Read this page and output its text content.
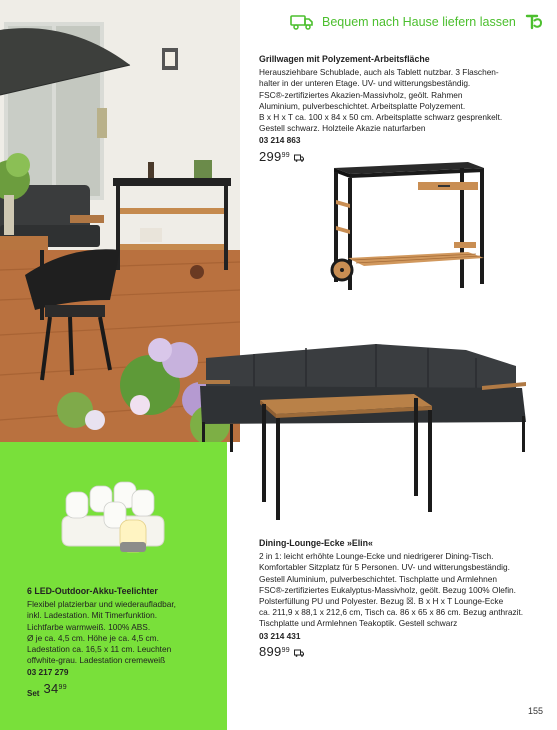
Bequem nach Hause liefern lassen
Grillwagen mit Polyzement-Arbeitsfläche
Herausziehbare Schublade, auch als Tablett nutzbar. 3 Flaschen-
halter in der unteren Etage. UV- und witterungsbeständig.
FSC®-zertifiziertes Akazien-Massivholz, geölt. Rahmen
Aluminium, pulverbeschichtet. Arbeitsplatte Polyzement.
B x H x T ca. 100 x 84 x 50 cm. Arbeitsplatte schwarz gesprenkelt.
Gestell schwarz. Holzteile Akazie naturfarben
03 214 863
$299^{99}$
6 LED-Outdoor-Akku-Teelichter
Flexibel platzierbar und wiederaufladbar,
inkl. Ladestation. Mit Timerfunktion.
Lichtfarbe warmweiß. 100% ABS.
Ø je ca. 4,5 cm. Höhe je ca. 4,5 cm.
Ladestation ca. 16,5 x 11 cm. Leuchten
offwhite-grau. Ladestation cremeweiß
03 217 279
Set $34^{99}$
Dining-Lounge-Ecke »Elin«
2 in 1: leicht erhöhte Lounge-Ecke und niedrigerer Dining-Tisch.
Komfortabler Sitzplatz für 5 Personen. UV- und witterungsbeständig.
Gestell Aluminium, pulverbeschichtet. Tischplatte und Armlehnen
FSC®-zertifiziertes Eukalyptus-Massivholz, geölt. Bezug 100% Olefin.
Polsterfüllung PU und Polyester. Bezug ☒. B x H x T Lounge-Ecke
ca. 211,9 x 88,1 x 212,6 cm, Tisch ca. 86 x 65 x 86 cm. Bezug anthrazit.
Tischplatte und Armlehnen Teakoptik. Gestell schwarz
03 214 431
$899^{99}$
155
